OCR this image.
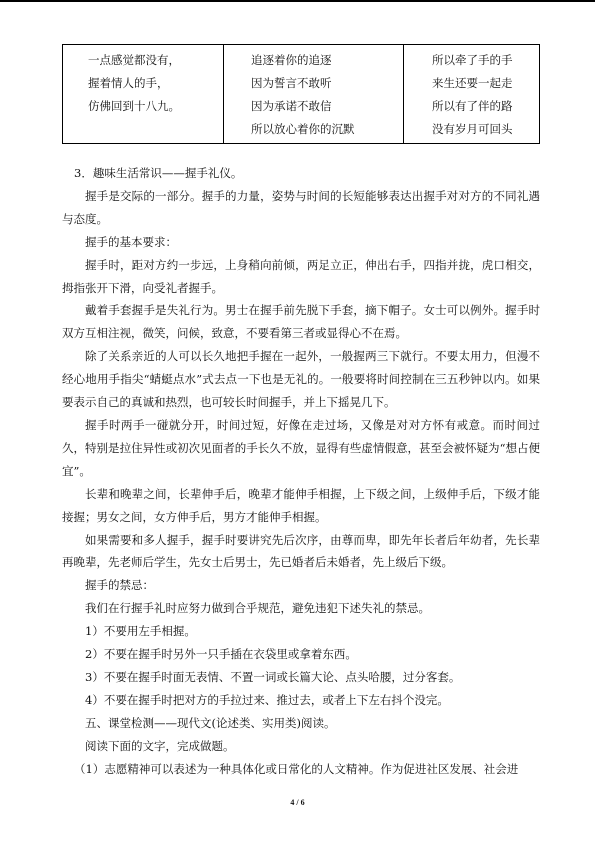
一点感觉都没有，
握着情人的手，
仿佛回到十八九。

追逐着你的追逐
因为誓言不敢听
因为承诺不敢信
所以放心着你的沉默

所以牵了手的手
来生还要一起走
所以有了伴的路
没有岁月可回头

3．趣味生活常识——握手礼仪。

握手是交际的一部分。握手的力量，姿势与时间的长短能够表达出握手对对方的不同礼遇与态度。

握手的基本要求：

握手时，距对方约一步远，上身稍向前倾，两足立正，伸出右手，四指并拢，虎口相交，拇指张开下滑，向受礼者握手。

戴着手套握手是失礼行为。男士在握手前先脱下手套，摘下帽子。女士可以例外。握手时双方互相注视，微笑，问候，致意，不要看第三者或显得心不在焉。

除了关系亲近的人可以长久地把手握在一起外，一般握两三下就行。不要太用力，但漫不经心地用手指尖“蜻蜓点水”式去点一下也是无礼的。一般要将时间控制在三五秒钟以内。如果要表示自己的真诚和热烈，也可较长时间握手，并上下摇晃几下。

握手时两手一碰就分开，时间过短，好像在走过场，又像是对对方怀有戒意。而时间过久，特别是拉住异性或初次见面者的手长久不放，显得有些虚情假意，甚至会被怀疑为“想占便宜”。

长辈和晚辈之间，长辈伸手后，晚辈才能伸手相握，上下级之间，上级伸手后，下级才能接握；男女之间，女方伸手后，男方才能伸手相握。

如果需要和多人握手，握手时要讲究先后次序，由尊而卑，即先年长者后年幼者，先长辈再晚辈，先老师后学生，先女士后男士，先已婚者后未婚者，先上级后下级。

握手的禁忌：

我们在行握手礼时应努力做到合乎规范，避免违犯下述失礼的禁忌。

1）不要用左手相握。

2）不要在握手时另外一只手插在衣袋里或拿着东西。

3）不要在握手时面无表情、不置一词或长篇大论、点头哈腰，过分客套。

4）不要在握手时把对方的手拉过来、推过去，或者上下左右抖个没完。

五、课堂检测——现代文(论述类、实用类)阅读。

阅读下面的文字，完成做题。

（1）志愿精神可以表述为一种具体化或日常化的人文精神。作为促进社区发展、社会进

4 / 6
